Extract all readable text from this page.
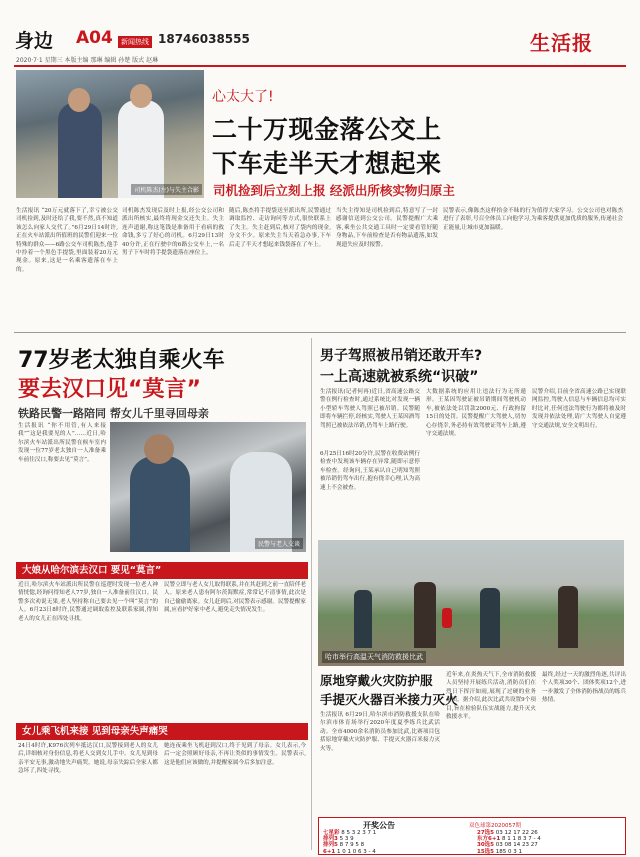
身边 A04	新闻热线 18746038555
2020·7·1 星期三 本版主编 那琳 编辑 孙楚 版式 赵琳
生活报
司机陈杰(左)与失主合影
心太大了!
二十万现金落公交上
下车走半天才想起来
司机捡到后立刻上报 经派出所核实物归原主
生活报讯 “20万元就落下了,幸亏被公交司机捡到,及时还给了我,要不然,真不知道该怎么向家人交代了。”6月29日14时许,正在火车站派出所值班的民警们迎来一位特殊的群众——6路公交车司机陈杰,他手中拎着一个黑色手提袋,里面装着20万元现金。原来,这是一名乘客遗落在车上的。
司机陈杰发现后及时上报,经公交公司和派出所核实,最终将现金交还失主。失主连声道谢,称这笔钱是准备用于看病的救命钱,多亏了好心的司机。6月29日13时40分许,正在行驶中的6路公交车上,一名男子下车时将手提袋遗落在座位上。
随后,陈杰将手提袋送至派出所,民警通过调取监控、走访询问等方式,很快联系上了失主。失主赶到后,核对了袋内的现金,分文不少。原来失主当天着急办事,下车后走了半天才想起来钱袋落在了车上。
当失主得知是司机捡到后,特意写了一封感谢信送到公交公司。民警提醒广大乘客,乘坐公共交通工具时一定要看管好随身物品,下车前检查是否有物品遗落,如发现遗失应及时报警。
民警表示,像陈杰这样拾金不昧的行为值得大家学习。公交公司也对陈杰进行了表彰,号召全体员工向他学习,为乘客提供更加优质的服务,传递社会正能量,让城市更加温暖。
77岁老太独自乘火车
要去汉口见“莫言”
铁路民警一路陪同 帮女儿千里寻回母亲
生活报讯 “你不用管,有人来接我”“这是我要见的人”……近日,哈尔滨火车站派出所民警在候车室内发现一位77岁老太独自一人准备乘车前往汉口,称要去见“莫言”。
民警与老人交谈
大娘从哈尔滨去汉口 要见“莫言”
近日,哈尔滨火车站派出所民警在巡逻时发现一位老人神情恍惚,经询问得知老人77岁,独自一人准备前往汉口。民警多次劝说无果,老人坚持称自己要去见一个叫“莫言”的人。6月23日8时许,民警通过调取监控及联系家属,得知老人的女儿正在四处寻找。
民警立即与老人女儿取得联系,并在其赶到之前一直陪伴老人。原来老人患有阿尔茨海默症,常常记不清事情,此次是自己偷偷离家。女儿赶到后,对民警表示感谢。民警提醒家属,应看护好家中老人,避免走失情况发生。
女儿乘飞机来接 见到母亲失声痛哭
24日4时许,K976次列车抵达汉口,民警接到老人的女儿后,详细核对身份信息,将老人交到女儿手中。女儿见到母亲平安无事,激动地失声痛哭。她说,母亲失踪后全家人都急坏了,四处寻找。
她连夜乘坐飞机赶到汉口,终于见到了母亲。女儿表示,今后一定会照顾好母亲,不再让类似的事情发生。民警表示,这是他们应该做的,并提醒家属今后多加注意。
男子驾照被吊销还敢开车?
一上高速就被系统“识破”
生活报讯(记者何再)近日,省高速公路交警在例行检查时,通过系统比对发现一辆小型轿车驾驶人驾照已被吊销。民警随即将车辆拦停,经核实,驾驶人王某因酒驾驾照已被依法吊销,仍驾车上路行驶。
6月25日16时20分许,民警在收费站例行检查中发现该车辆存在异常,随即示意停车检查。经询问,王某承认自己明知驾照被吊销仍驾车出行,抱有侥幸心理,认为高速上不会被查。
大数据系统的应用让违法行为无所遁形。王某因驾驶证被吊销期间驾驶机动车,被依法处以罚款2000元、行政拘留15日的处罚。民警提醒广大驾驶人,切勿心存侥幸,务必持有效驾驶证驾车上路,遵守交通法规。
民警介绍,目前全省高速公路已实现联网监控,驾驶人信息与车辆信息均可实时比对,任何违法驾驶行为都将被及时发现并依法处理,请广大驾驶人自觉遵守交通法规,安全文明出行。
哈市举行高温天气消防救援比武
原地穿戴火灾防护服
手提灭火器百米接力灭火
生活报讯 6月29日,哈尔滨市消防救援支队在哈尔滨市体育场举行2020年度夏季练兵比武活动。全市4000余名消防员参加比武,比赛项目包括原地穿戴火灾防护服、手提灭火器百米接力灭火等。
近年来,在炎热天气下,全市消防救援人员坚持开展练兵活动,消防员们在烈日下挥汗如雨,展现了过硬的业务素质。据介绍,此次比武共设置9个项目,旨在检验队伍实战能力,提升灭火救援水平。
最终,经过一天的激烈角逐,共评出个人奖项30个、团体奖项12个,进一步激发了全体消防指战员的练兵热情。
开奖公告	双色球第2020057期
七星彩 8 5 3 2 3 7 1
排列3 5 3 9
排列5 8 7 9 5 8
6+1 1 0 1 0 6 3 - 4
27选5 03 12 17 22 26
东方6+1 8 1 1 8 3 7 - 4
30选5 03 08 14 23 27
15选5 185 0 3 1
